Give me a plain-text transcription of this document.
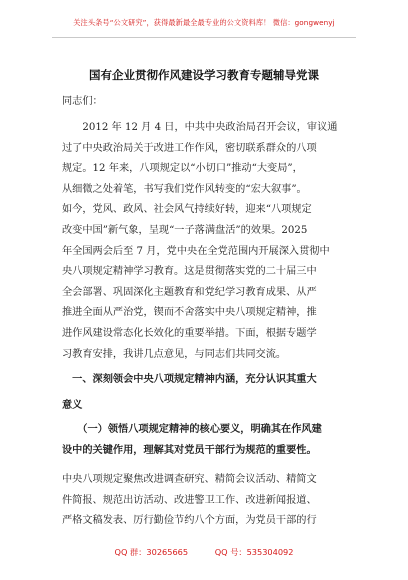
关注头条号“公文研究”，获得最新最全最专业的公文资料库！ 微信：gongwenyj
国有企业贯彻作风建设学习教育专题辅导党课
同志们：
　　2012 年 12 月 4 日，中共中央政治局召开会议，审议通
过了中央政治局关于改进工作作风，密切联系群众的八项
规定。12 年来，八项规定以“小切口”推动“大变局”，
从细微之处着笔，书写我们党作风转变的“宏大叙事”。
如今，党风、政风、社会风气持续好转，迎来“八项规定
改变中国”新气象，呈现“一子落满盘活”的效果。2025
年全国两会后至 7 月，党中央在全党范围内开展深入贯彻中
央八项规定精神学习教育。这是贯彻落实党的二十届三中
全会部署、巩固深化主题教育和党纪学习教育成果、从严
推进全面从严治党，锲而不舍落实中央八项规定精神，推
进作风建设常态化长效化的重要举措。下面，根据专题学
习教育安排，我讲几点意见，与同志们共同交流。
　一、深刻领会中央八项规定精神内涵，充分认识其重大
意义
　　（一）领悟八项规定精神的核心要义，明确其在作风建
设中的关键作用，理解其对党员干部行为规范的重要性。
中央八项规定聚焦改进调查研究、精简会议活动、精简文
件简报、规范出访活动、改进警卫工作、改进新闻报道、
严格文稿发表、厉行勤俭节约八个方面，为党员干部的行
QQ 群：30265665	QQ 号：535304092
